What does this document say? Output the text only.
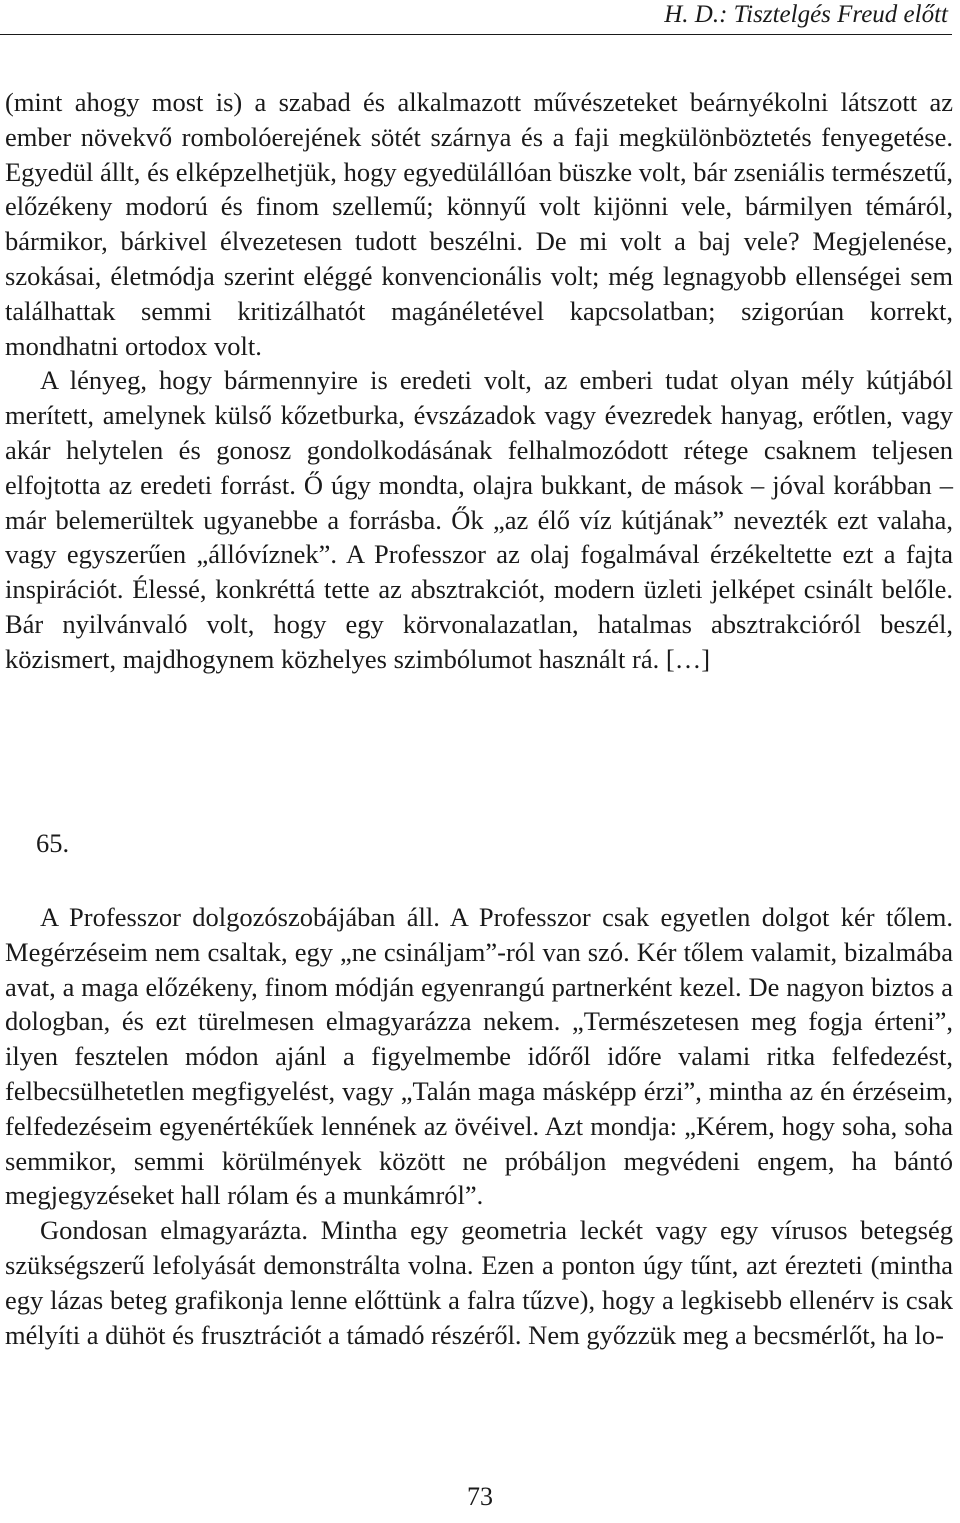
H. D.: Tisztelgés Freud előtt

(mint ahogy most is) a szabad és alkalmazott művészeteket beárnyékolni látszott az ember növekvő rombolóerejének sötét szárnya és a faji megkülönböztetés fenyegetése. Egyedül állt, és elképzelhetjük, hogy egyedülállóan büszke volt, bár zseniális természetű, előzékeny modorú és finom szellemű; könnyű volt kijönni vele, bármilyen témáról, bármikor, bárkivel élvezetesen tudott beszélni. De mi volt a baj vele? Megjelenése, szokásai, életmódja szerint eléggé konvencionális volt; még legnagyobb ellenségei sem találhattak semmi kritizálhatót magánéletével kapcsolatban; szigorúan korrekt, mondhatni ortodox volt.

A lényeg, hogy bármennyire is eredeti volt, az emberi tudat olyan mély kútjából merített, amelynek külső kőzetburka, évszázadok vagy évezredek hanyag, erőtlen, vagy akár helytelen és gonosz gondolkodásának felhalmozódott rétege csaknem teljesen elfojtotta az eredeti forrást. Ő úgy mondta, olajra bukkant, de mások – jóval korábban – már belemerültek ugyanebbe a forrásba. Ők „az élő víz kútjának” nevezték ezt valaha, vagy egyszerűen „állóvíznek”. A Professzor az olaj fogalmával érzékeltette ezt a fajta inspirációt. Élessé, konkréttá tette az absztrakciót, modern üzleti jelképet csinált belőle. Bár nyilvánvaló volt, hogy egy körvonalazatlan, hatalmas absztrakcióról beszél, közismert, majdhogynem közhelyes szimbólumot használt rá. […]

65.

A Professzor dolgozószobájában áll. A Professzor csak egyetlen dolgot kér tőlem. Megérzéseim nem csaltak, egy „ne csináljam”-ról van szó. Kér tőlem valamit, bizalmába avat, a maga előzékeny, finom módján egyenrangú partnerként kezel. De nagyon biztos a dologban, és ezt türelmesen elmagyarázza nekem. „Természetesen meg fogja érteni”, ilyen fesztelen módon ajánl a figyelmembe időről időre valami ritka felfedezést, felbecsülhetetlen megfigyelést, vagy „Talán maga másképp érzi”, mintha az én érzéseim, felfedezéseim egyenértékűek lennének az övéivel. Azt mondja: „Kérem, hogy soha, soha semmikor, semmi körülmények között ne próbáljon megvédeni engem, ha bántó megjegyzéseket hall rólam és a munkámról”.

Gondosan elmagyarázta. Mintha egy geometria leckét vagy egy vírusos betegség szükségszerű lefolyását demonstrálta volna. Ezen a ponton úgy tűnt, azt érezteti (mintha egy lázas beteg grafikonja lenne előttünk a falra tűzve), hogy a legkisebb ellenérv is csak mélyíti a dühöt és frusztrációt a támadó részéről. Nem győzzük meg a becsmérlőt, ha lo-

73
